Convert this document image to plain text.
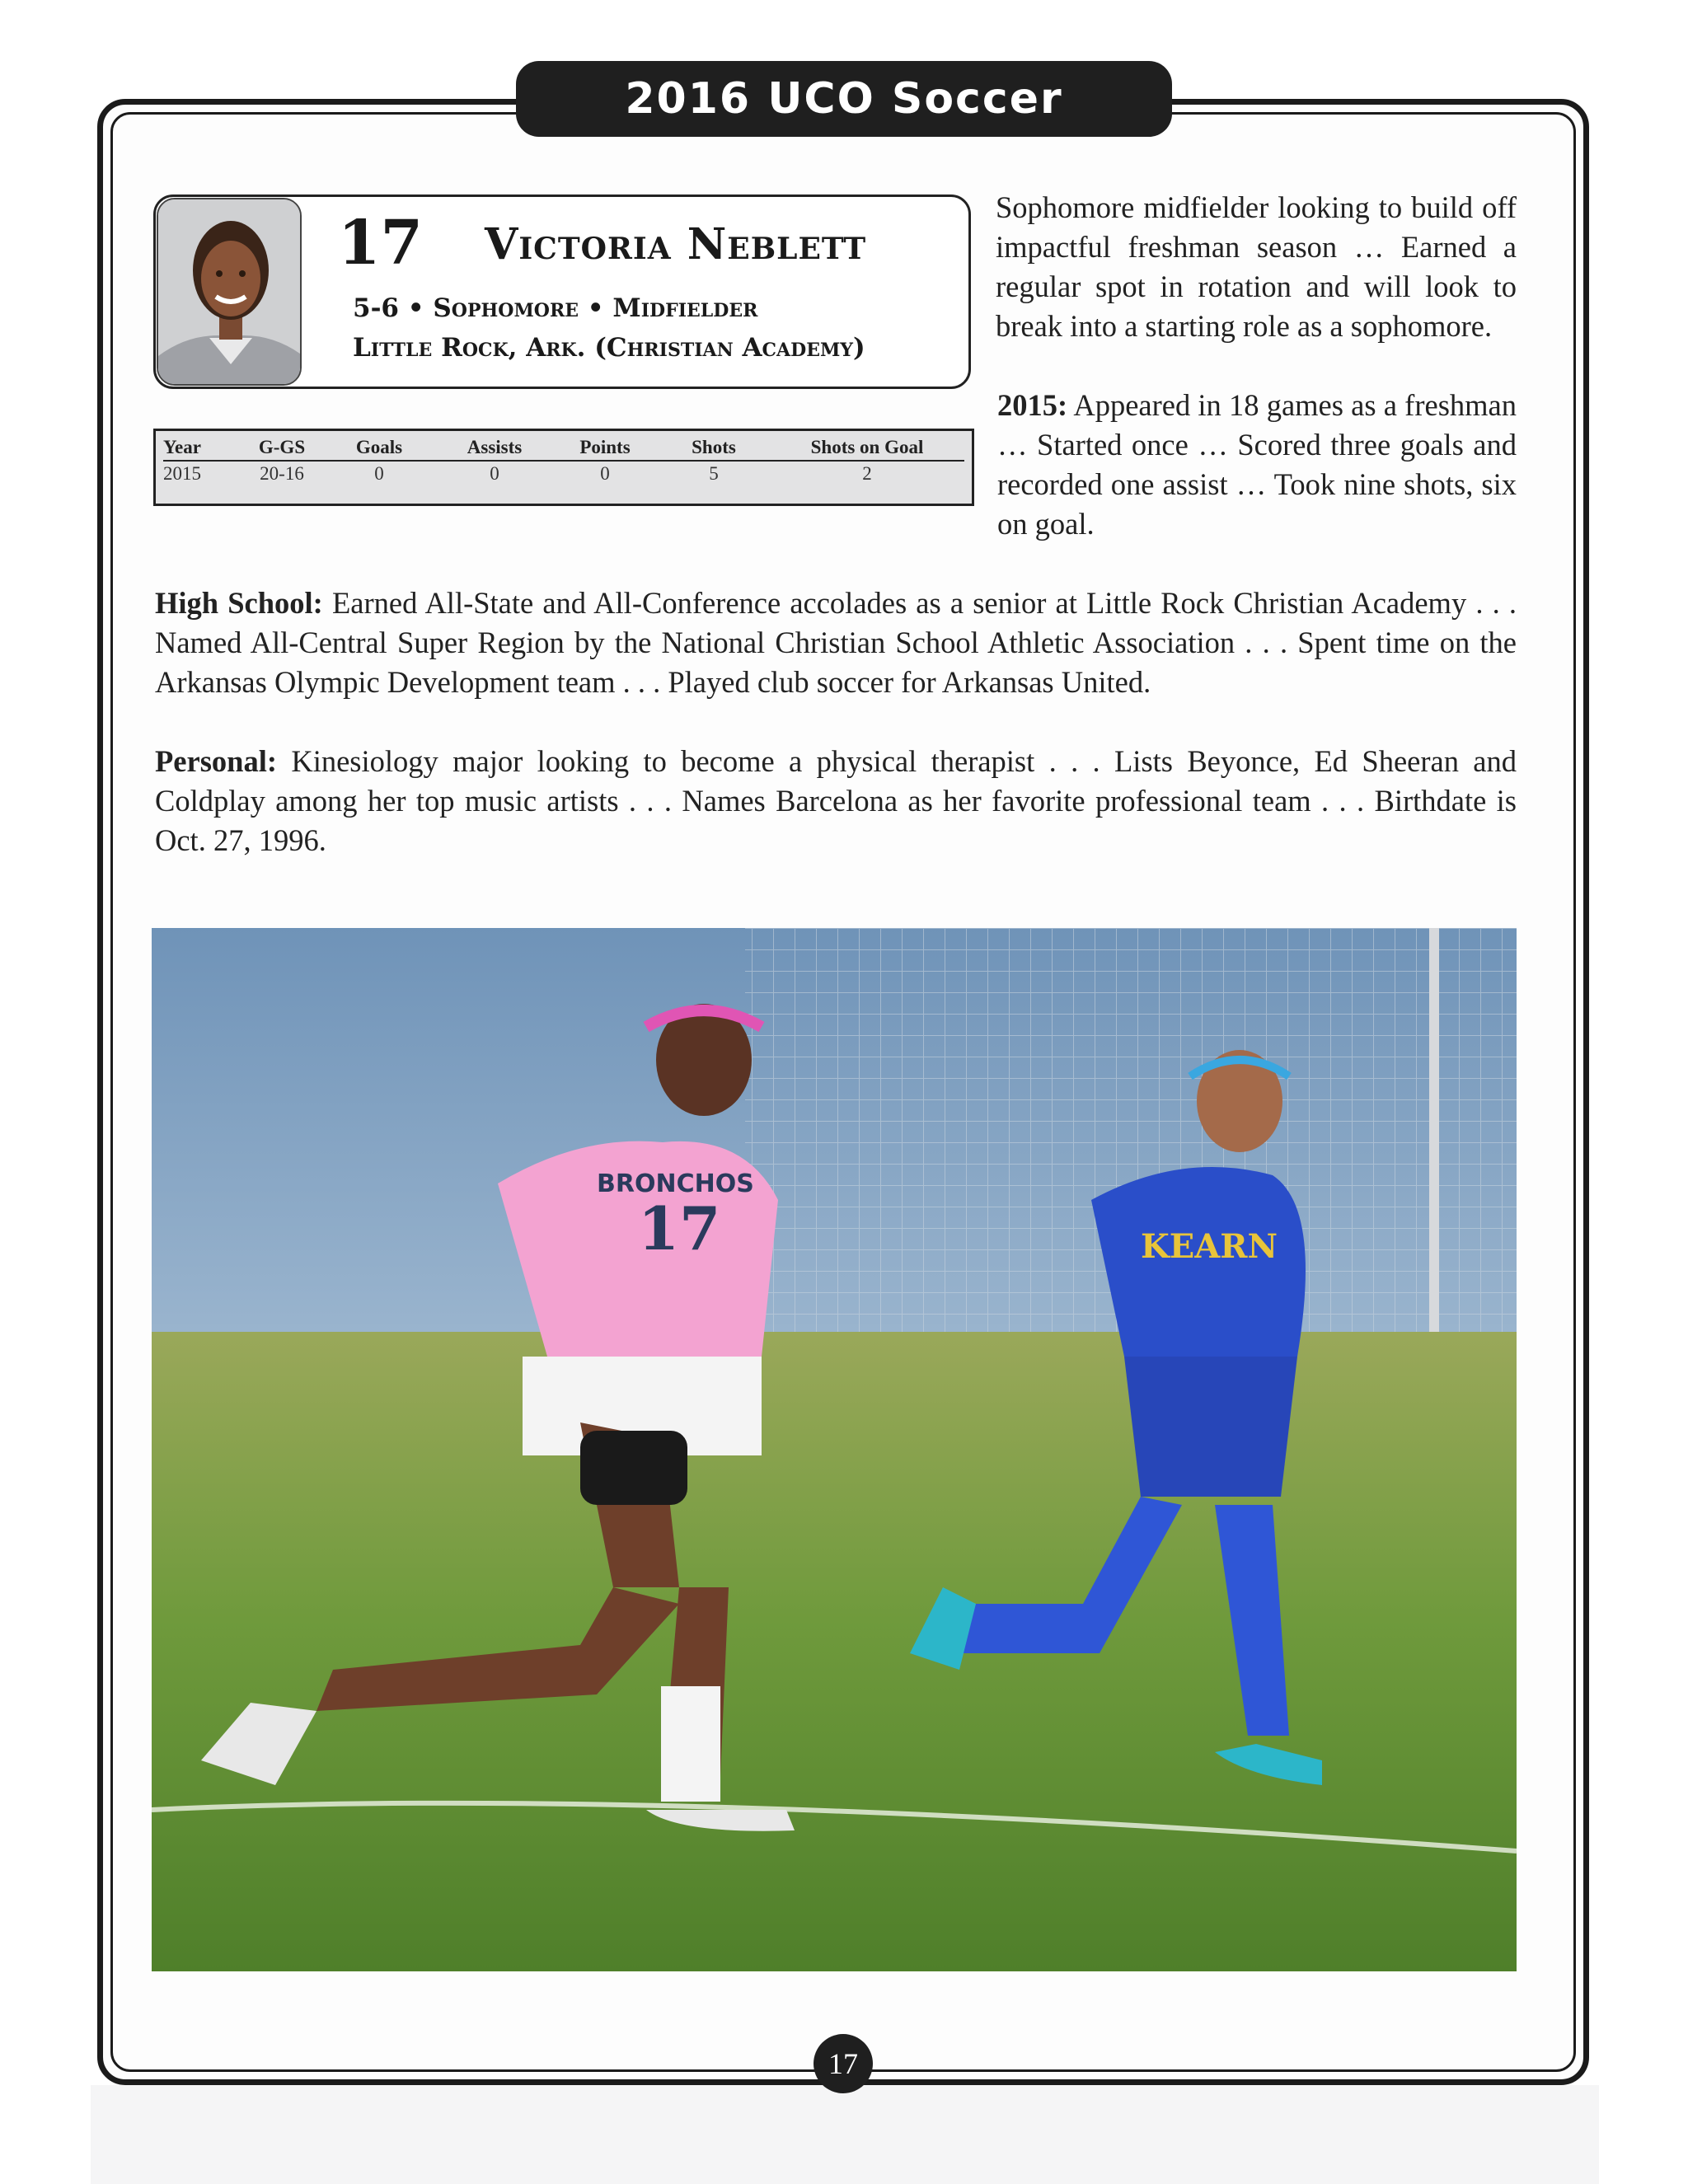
2016 UCO Soccer
17 Victoria Neblett
5-6 • Sophomore • Midfielder
Little Rock, Ark. (Christian Academy)
Year	G-GS	Goals	Assists	Points	Shots	Shots on Goal
2015	20-16	0	0	0	5	2
Sophomore midfielder looking to build off impactful freshman season … Earned a regular spot in rotation and will look to break into a starting role as a sophomore.
2015: Appeared in 18 games as a freshman … Started once … Scored three goals and recorded one assist … Took nine shots, six on goal.
High School: Earned All-State and All-Conference accolades as a senior at Little Rock Christian Academy . . . Named All-Central Super Region by the National Christian School Athletic Association . . . Spent time on the Arkansas Olympic Development team . . . Played club soccer for Arkansas United.
Personal: Kinesiology major looking to become a physical therapist . . . Lists Beyonce, Ed Sheeran and Coldplay among her top music artists . . . Names Barcelona as her favorite professional team . . . Birthdate is Oct. 27, 1996.
BRONCHOS
17	KEARN
17
